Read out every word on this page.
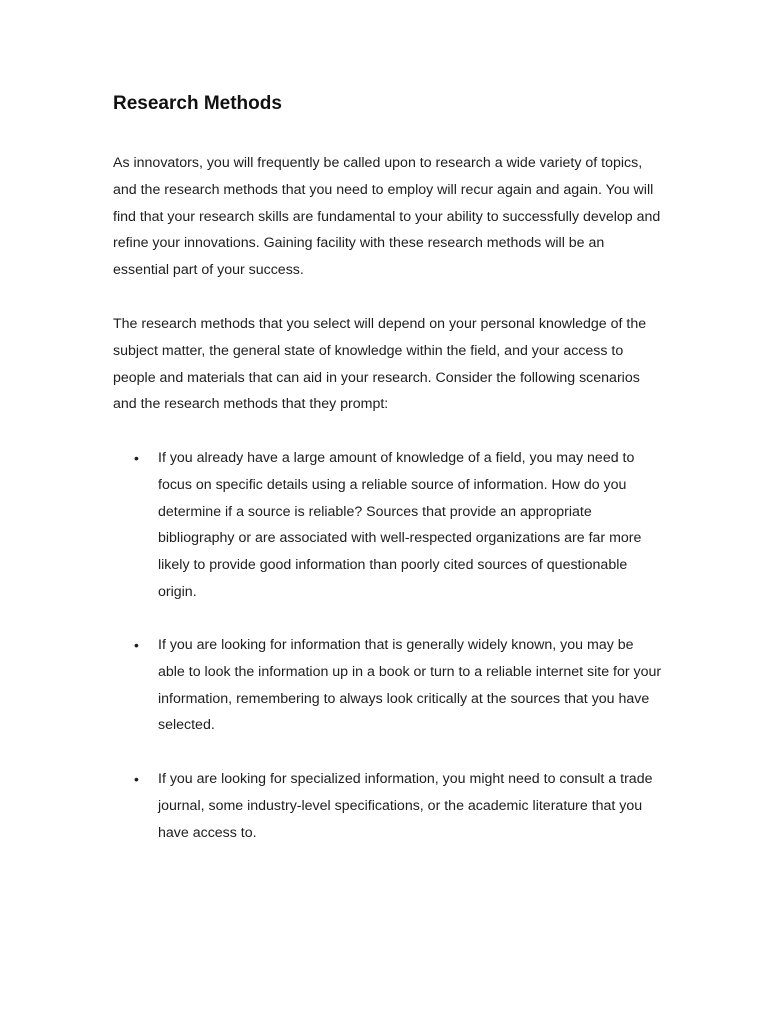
Research Methods

As innovators, you will frequently be called upon to research a wide variety of topics, and the research methods that you need to employ will recur again and again. You will find that your research skills are fundamental to your ability to successfully develop and refine your innovations. Gaining facility with these research methods will be an essential part of your success.

The research methods that you select will depend on your personal knowledge of the subject matter, the general state of knowledge within the field, and your access to people and materials that can aid in your research. Consider the following scenarios and the research methods that they prompt:

• If you already have a large amount of knowledge of a field, you may need to focus on specific details using a reliable source of information. How do you determine if a source is reliable? Sources that provide an appropriate bibliography or are associated with well-respected organizations are far more likely to provide good information than poorly cited sources of questionable origin.
• If you are looking for information that is generally widely known, you may be able to look the information up in a book or turn to a reliable internet site for your information, remembering to always look critically at the sources that you have selected.
• If you are looking for specialized information, you might need to consult a trade journal, some industry-level specifications, or the academic literature that you have access to.
